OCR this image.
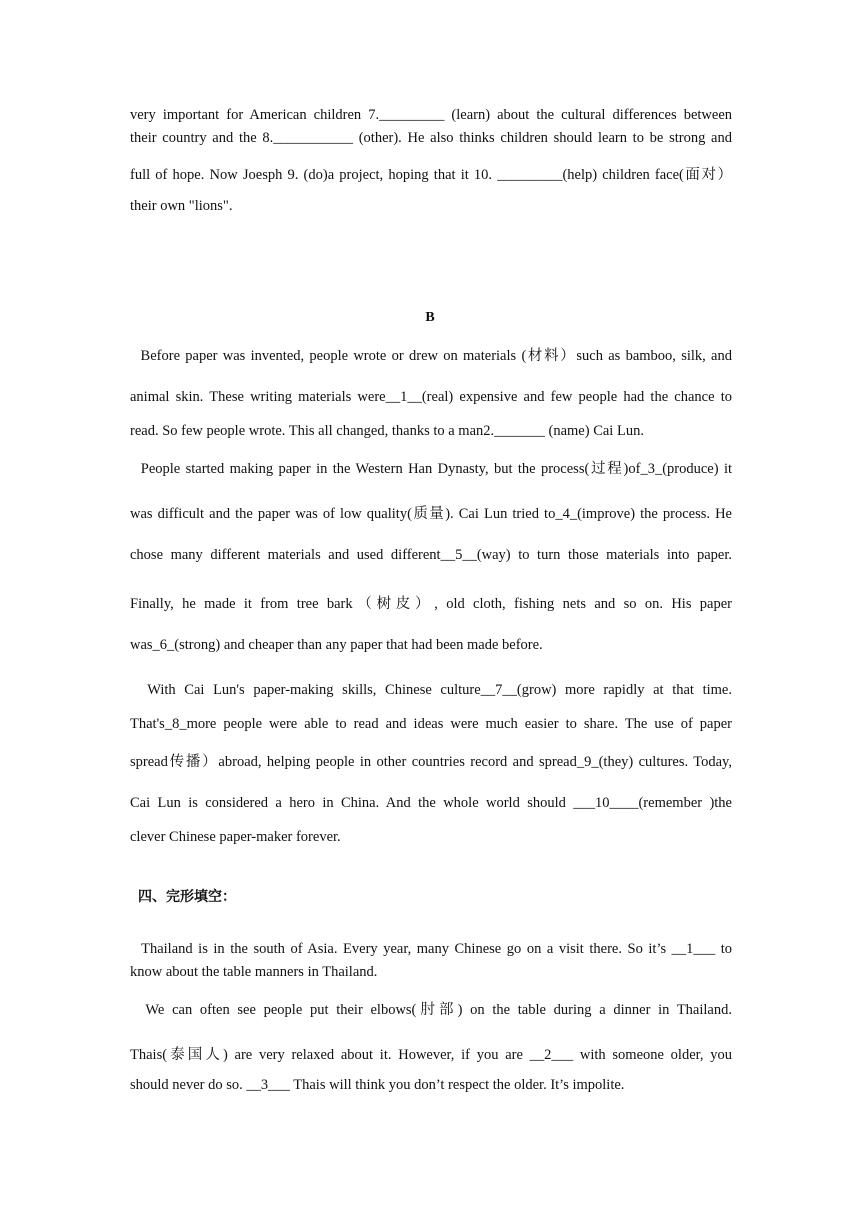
very important for American children 7._________ (learn) about the cultural differences between
their country and the 8.___________ (other). He also thinks children should learn to be strong and
full of hope. Now Joesph 9. (do)a project, hoping that it 10. _________(help) children face(面对）
their own "lions".
B
Before paper was invented, people wrote or drew on materials (材料）such as bamboo, silk, and
animal skin. These writing materials were__1__(real) expensive and few people had the chance to
read. So few people wrote. This all changed, thanks to a man2._______ (name) Cai Lun.
People started making paper in the Western Han Dynasty, but the process(过程)of_3_(produce) it
was difficult and the paper was of low quality(质量). Cai Lun tried to_4_(improve) the process. He
chose many different materials and used different__5__(way) to turn those materials into paper.
Finally, he made it from tree bark（树皮）, old cloth, fishing nets and so on. His paper
was_6_(strong) and cheaper than any paper that had been made before.
With Cai Lun's paper-making skills, Chinese culture__7__(grow) more rapidly at that time.
That's_8_more people were able to read and ideas were much easier to share. The use of paper
spread传播）abroad, helping people in other countries record and spread_9_(they) cultures. Today,
Cai Lun is considered a hero in China. And the whole world should ___10____(remember )the
clever Chinese paper-maker forever.
四、完形填空：
Thailand is in the south of Asia. Every year, many Chinese go on a visit there. So it’s __1___ to
know about the table manners in Thailand.
We can often see people put their elbows(肘部) on the table during a dinner in Thailand.
Thais(泰国人) are very relaxed about it. However, if you are __2___ with someone older, you
should never do so. __3___ Thais will think you don’t respect the older. It’s impolite.
